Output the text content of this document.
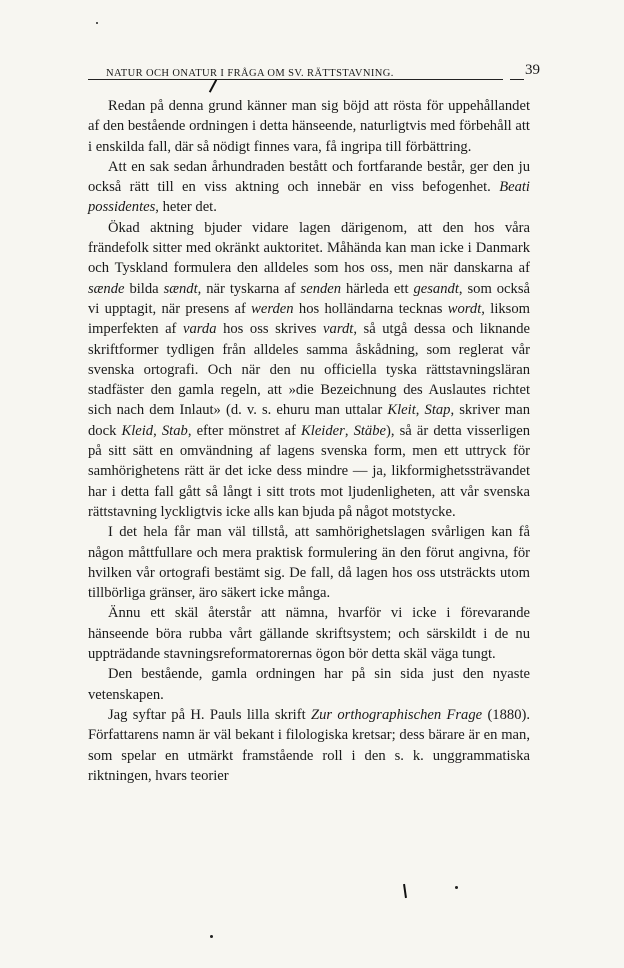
NATUR OCH ONATUR I FRÅGA OM SV. RÄTTSTAVNING.	39

Redan på denna grund känner man sig böjd att rösta för uppehållandet af den bestående ordningen i detta hänseende, naturligtvis med förbehåll att i enskilda fall, där så nödigt finnes vara, få ingripa till förbättring.

Att en sak sedan århundraden bestått och fortfarande består, ger den ju också rätt till en viss aktning och innebär en viss befogenhet. Beati possidentes, heter det.

Ökad aktning bjuder vidare lagen därigenom, att den hos våra frändefolk sitter med okränkt auktoritet. Måhända kan man icke i Danmark och Tyskland formulera den alldeles som hos oss, men när danskarna af sænde bilda sændt, när tyskarna af senden härleda ett gesandt, som också vi upptagit, när presens af werden hos holländarna tecknas wordt, liksom imperfekten af varda hos oss skrives vardt, så utgå dessa och liknande skriftformer tydligen från alldeles samma åskådning, som reglerat vår svenska ortografi. Och när den nu officiella tyska rättstavningsläran stadfäster den gamla regeln, att »die Bezeichnung des Auslautes richtet sich nach dem Inlaut» (d. v. s. ehuru man uttalar Kleit, Stap, skriver man dock Kleid, Stab, efter mönstret af Kleider, Stäbe), så är detta visserligen på sitt sätt en omvändning af lagens svenska form, men ett uttryck för samhörighetens rätt är det icke dess mindre — ja, likformighetssträvandet har i detta fall gått så långt i sitt trots mot ljudenligheten, att vår svenska rättstavning lyckligtvis icke alls kan bjuda på något motstycke.

I det hela får man väl tillstå, att samhörighetslagen svårligen kan få någon måttfullare och mera praktisk formulering än den förut angivna, för hvilken vår ortografi bestämt sig. De fall, då lagen hos oss utsträckts utom tillbörliga gränser, äro säkert icke många.

Ännu ett skäl återstår att nämna, hvarför vi icke i förevarande hänseende böra rubba vårt gällande skriftsystem; och särskildt i de nu uppträdande stavningsreformatorernas ögon bör detta skäl väga tungt.

Den bestående, gamla ordningen har på sin sida just den nyaste vetenskapen.

Jag syftar på H. Pauls lilla skrift Zur orthographischen Frage (1880). Författarens namn är väl bekant i filologiska kretsar; dess bärare är en man, som spelar en utmärkt framstående roll i den s. k. unggrammatiska riktningen, hvars teorier
